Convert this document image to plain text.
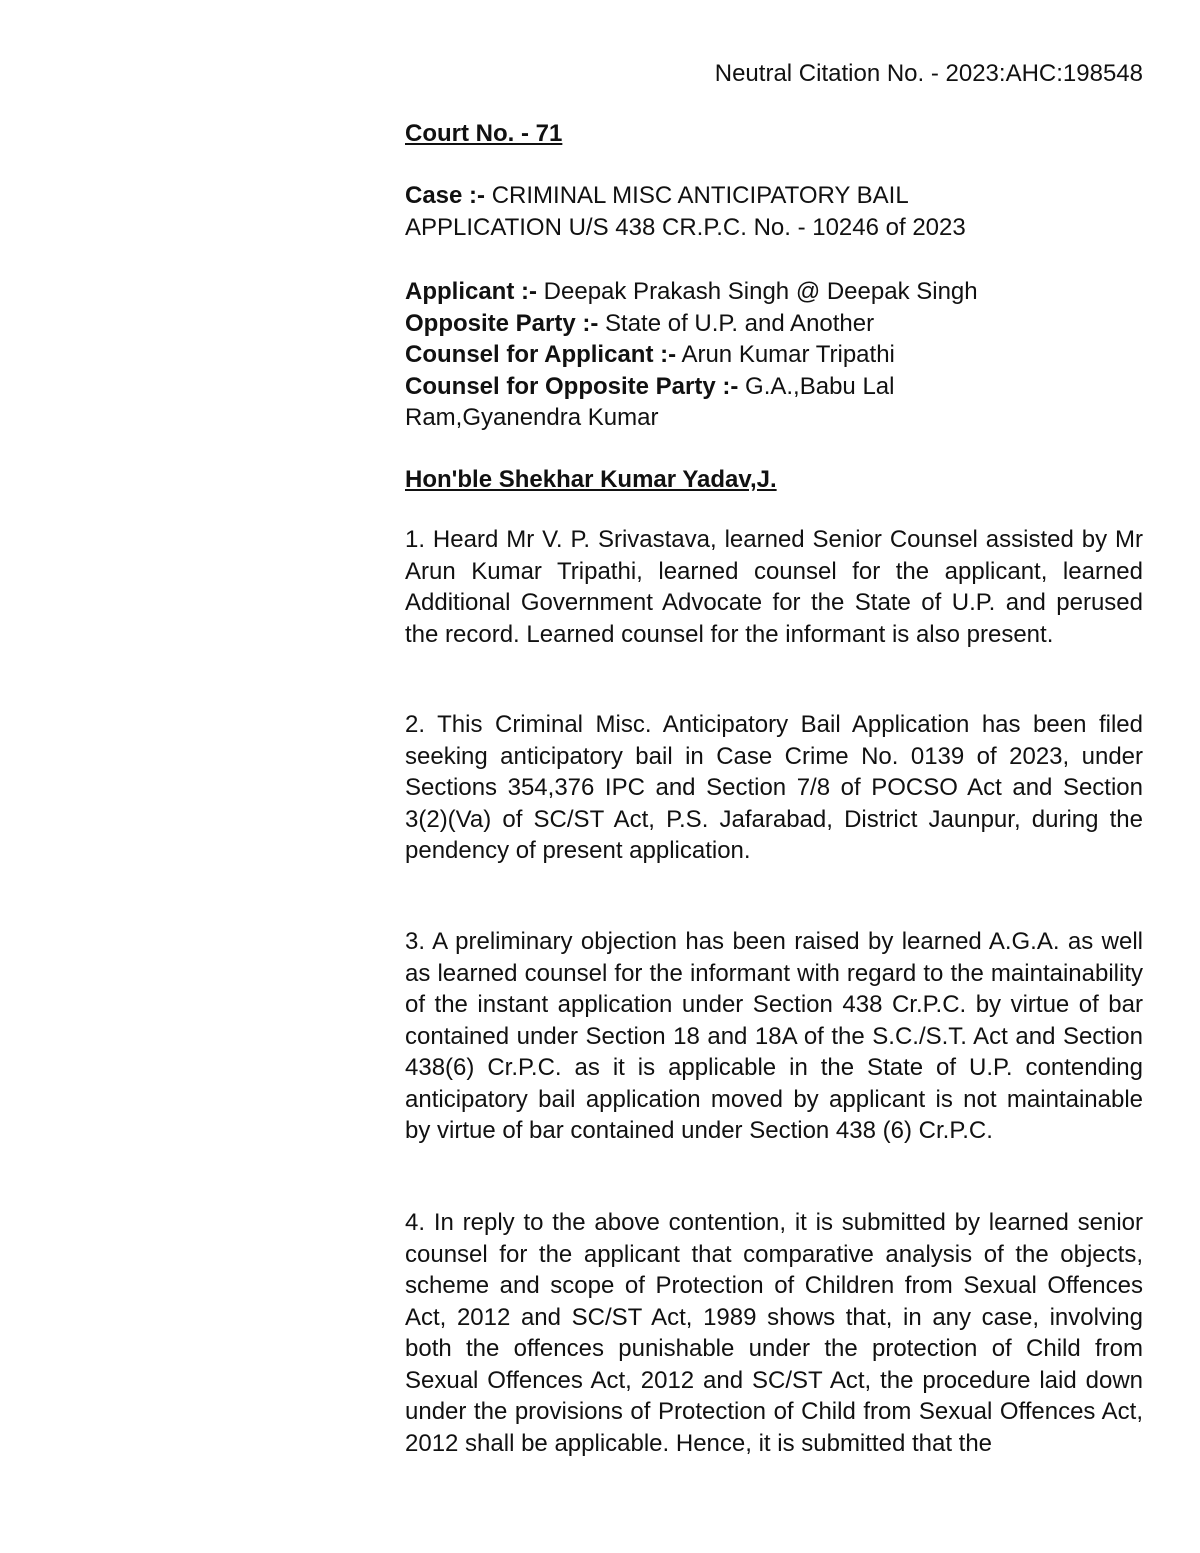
Neutral Citation No. - 2023:AHC:198548
Court No. - 71
Case :- CRIMINAL MISC ANTICIPATORY BAIL
APPLICATION U/S 438 CR.P.C. No. - 10246 of 2023
Applicant :- Deepak Prakash Singh @ Deepak Singh
Opposite Party :- State of U.P. and Another
Counsel for Applicant :- Arun Kumar Tripathi
Counsel for Opposite Party :- G.A.,Babu Lal
Ram,Gyanendra Kumar
Hon'ble Shekhar Kumar Yadav,J.
1. Heard Mr V. P. Srivastava, learned Senior Counsel assisted by Mr Arun Kumar Tripathi, learned counsel for the applicant, learned Additional Government Advocate for the State of U.P. and perused the record. Learned counsel for the informant is also present.
2. This Criminal Misc. Anticipatory Bail Application has been filed seeking anticipatory bail in Case Crime No. 0139 of 2023, under Sections 354,376 IPC and Section 7/8 of POCSO Act and Section 3(2)(Va) of SC/ST Act, P.S. Jafarabad, District Jaunpur, during the pendency of present application.
3. A preliminary objection has been raised by learned A.G.A. as well as learned counsel for the informant with regard to the maintainability of the instant application under Section 438 Cr.P.C. by virtue of bar contained under Section 18 and 18A of the S.C./S.T. Act and Section 438(6) Cr.P.C. as it is applicable in the State of U.P. contending anticipatory bail application moved by applicant is not maintainable by virtue of bar contained under Section 438 (6) Cr.P.C.
4. In reply to the above contention, it is submitted by learned senior counsel for the applicant that comparative analysis of the objects, scheme and scope of Protection of Children from Sexual Offences Act, 2012 and SC/ST Act, 1989 shows that, in any case, involving both the offences punishable under the protection of Child from Sexual Offences Act, 2012 and SC/ST Act, the procedure laid down under the provisions of Protection of Child from Sexual Offences Act, 2012 shall be applicable. Hence, it is submitted that the
